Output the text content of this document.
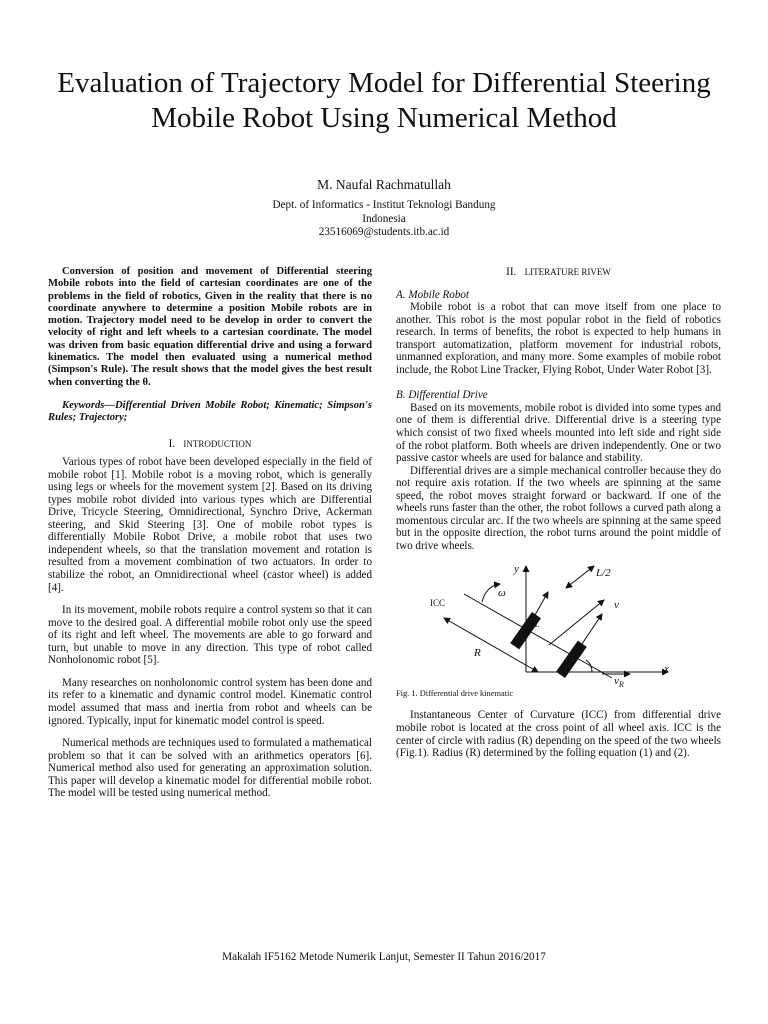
Evaluation of Trajectory Model for Differential Steering Mobile Robot Using Numerical Method
M. Naufal Rachmatullah
Dept. of Informatics - Institut Teknologi Bandung
Indonesia
23516069@students.itb.ac.id

Conversion of position and movement of Differential steering Mobile robots into the field of cartesian coordinates are one of the problems in the field of robotics, Given in the reality that there is no coordinate anywhere to determine a position Mobile robots are in motion. Trajectory model need to be develop in order to convert the velocity of right and left wheels to a cartesian coordinate. The model was driven from basic equation differential drive and using a forward kinematics. The model then evaluated using a numerical method (Simpson's Rule). The result shows that the model gives the best result when converting the θ.

Keywords—Differential Driven Mobile Robot; Kinematic; Simpson's Rules; Trajectory;

I. INTRODUCTION

Various types of robot have been developed especially in the field of mobile robot [1]. Mobile robot is a moving robot, which is generally using legs or wheels for the movement system [2]. Based on its driving types mobile robot divided into various types which are Differential Drive, Tricycle Steering, Omnidirectional, Synchro Drive, Ackerman steering, and Skid Steering [3]. One of mobile robot types is differentially Mobile Robot Drive, a mobile robot that uses two independent wheels, so that the translation movement and rotation is resulted from a movement combination of two actuators. In order to stabilize the robot, an Omnidirectional wheel (castor wheel) is added [4].

In its movement, mobile robots require a control system so that it can move to the desired goal. A differential mobile robot only use the speed of its right and left wheel. The movements are able to go forward and turn, but unable to move in any direction. This type of robot called Nonholonomic robot [5].

Many researches on nonholonomic control system has been done and its refer to a kinematic and dynamic control model. Kinematic control model assumed that mass and inertia from robot and wheels can be ignored. Typically, input for kinematic model control is speed.

Numerical methods are techniques used to formulated a mathematical problem so that it can be solved with an arithmetics operators [6]. Numerical method also used for generating an approximation solution. This paper will develop a kinematic model for differential mobile robot. The model will be tested using numerical method.

II. LITERATURE RIVEW
A. Mobile Robot

Mobile robot is a robot that can move itself from one place to another. This robot is the most popular robot in the field of robotics research. In terms of benefits, the robot is expected to help humans in transport automatization, platform movement for industrial robots, unmanned exploration, and many more. Some examples of mobile robot include, the Robot Line Tracker, Flying Robot, Under Water Robot [3].

B. Differential Drive

Based on its movements, mobile robot is divided into some types and one of them is differential drive. Differential drive is a steering type which consist of two fixed wheels mounted into left side and right side of the robot platform. Both wheels are driven independently. One or two passive castor wheels are used for balance and stability.

Differential drives are a simple mechanical controller because they do not require axis rotation. If the two wheels are spinning at the same speed, the robot moves straight forward or backward. If one of the wheels runs faster than the other, the robot follows a curved path along a momentous circular arc. If the two wheels are spinning at the same speed but in the opposite direction, the robot turns around the point middle of two drive wheels.

y
x
R
L/2
ω
ICC
$v_L$
v
θ
$v_R$
Fig. 1. Differential drive kinematic

Instantaneous Center of Curvature (ICC) from differential drive mobile robot is located at the cross point of all wheel axis. ICC is the center of circle with radius (R) depending on the speed of the two wheels (Fig.1). Radius (R) determined by the folling equation (1) and (2).

Makalah IF5162 Metode Numerik Lanjut, Semester II Tahun 2016/2017
